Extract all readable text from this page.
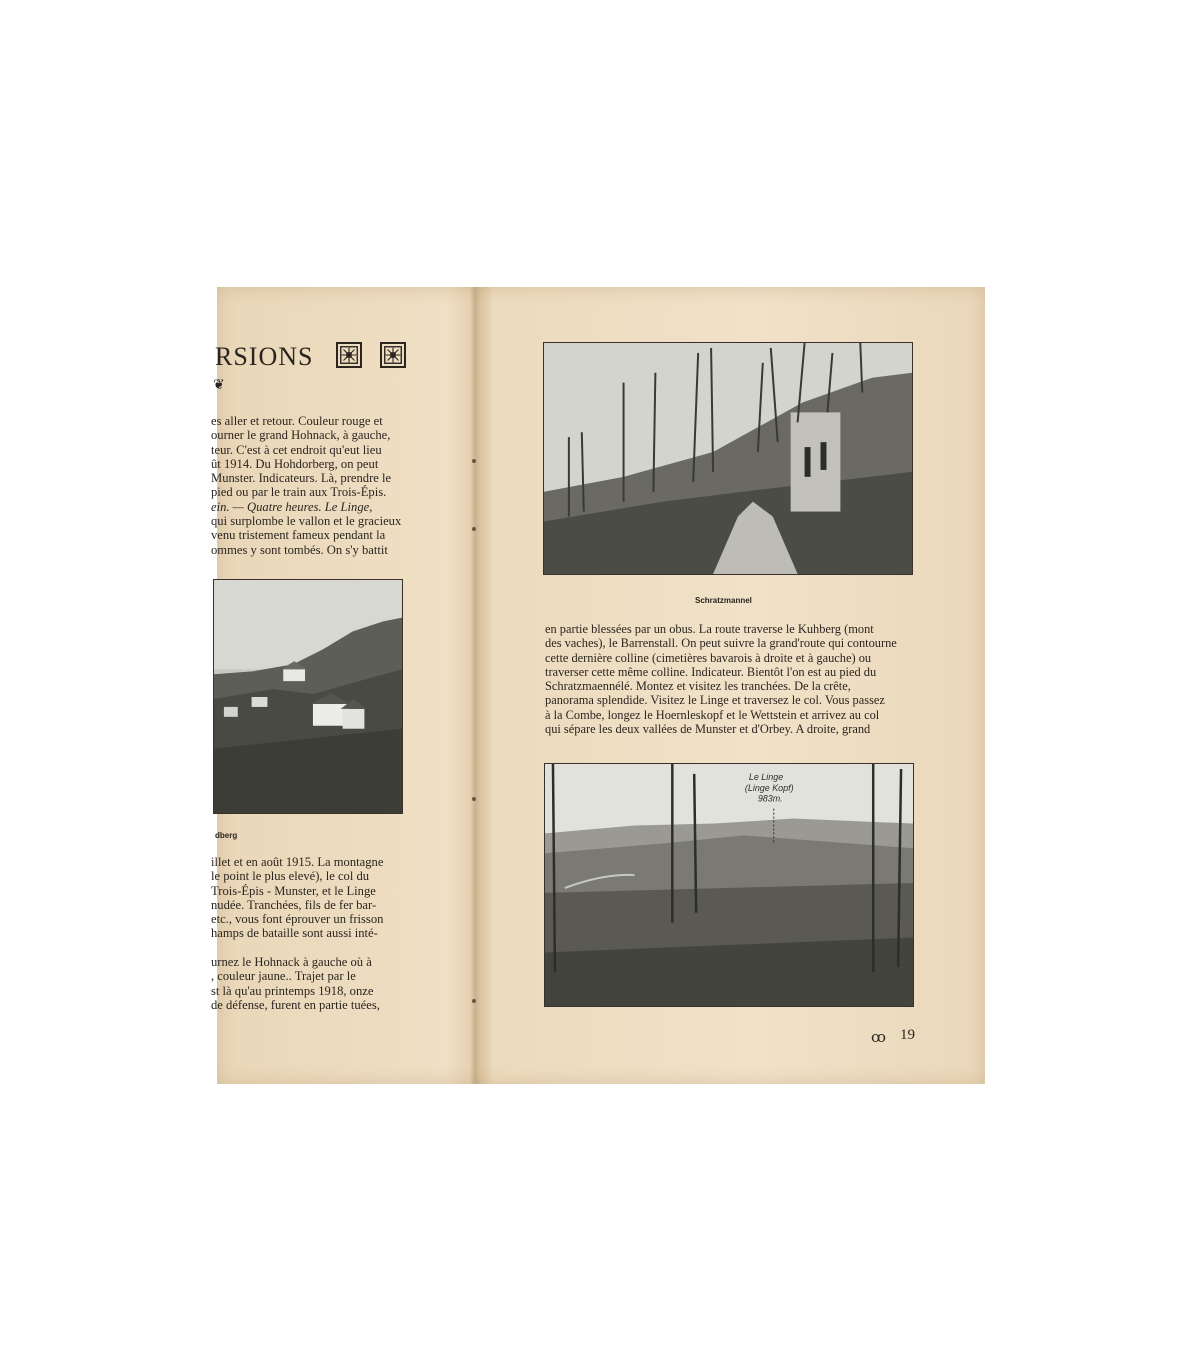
RSIONS
❦
es aller et retour. Couleur rouge et
ourner le grand Hohnack, à gauche,
teur. C'est à cet endroit qu'eut lieu
ût 1914. Du Hohdorberg, on peut
Munster. Indicateurs. Là, prendre le
pied ou par le train aux Trois-Épis.
ein. — Quatre heures. Le Linge,
qui surplombe le vallon et le gracieux
venu tristement fameux pendant la
ommes y sont tombés. On s'y battit
dberg
illet et en août 1915. La montagne
le point le plus elevé), le col du
Trois-Épis - Munster, et le Linge
nudée. Tranchées, fils de fer bar-
etc., vous font éprouver un frisson
hamps de bataille sont aussi inté-

urnez le Hohnack à gauche où à
, couleur jaune.. Trajet par le
st là qu'au printemps 1918, onze
de défense, furent en partie tuées,
Schratzmannel
en partie blessées par un obus. La route traverse le Kuhberg (mont
des vaches), le Barrenstall. On peut suivre la grand'route qui contourne
cette dernière colline (cimetières bavarois à droite et à gauche) ou
traverser cette même colline. Indicateur. Bientôt l'on est au pied du
Schratzmaennélé. Montez et visitez les tranchées. De la crête,
panorama splendide. Visitez le Linge et traversez le col. Vous passez
à la Combe, longez le Hoernleskopf et le Wettstein et arrivez au col
qui sépare les deux vallées de Munster et d'Orbey. A droite, grand
Le Linge
(Linge Kopf)
983m.
ꝏ 19
